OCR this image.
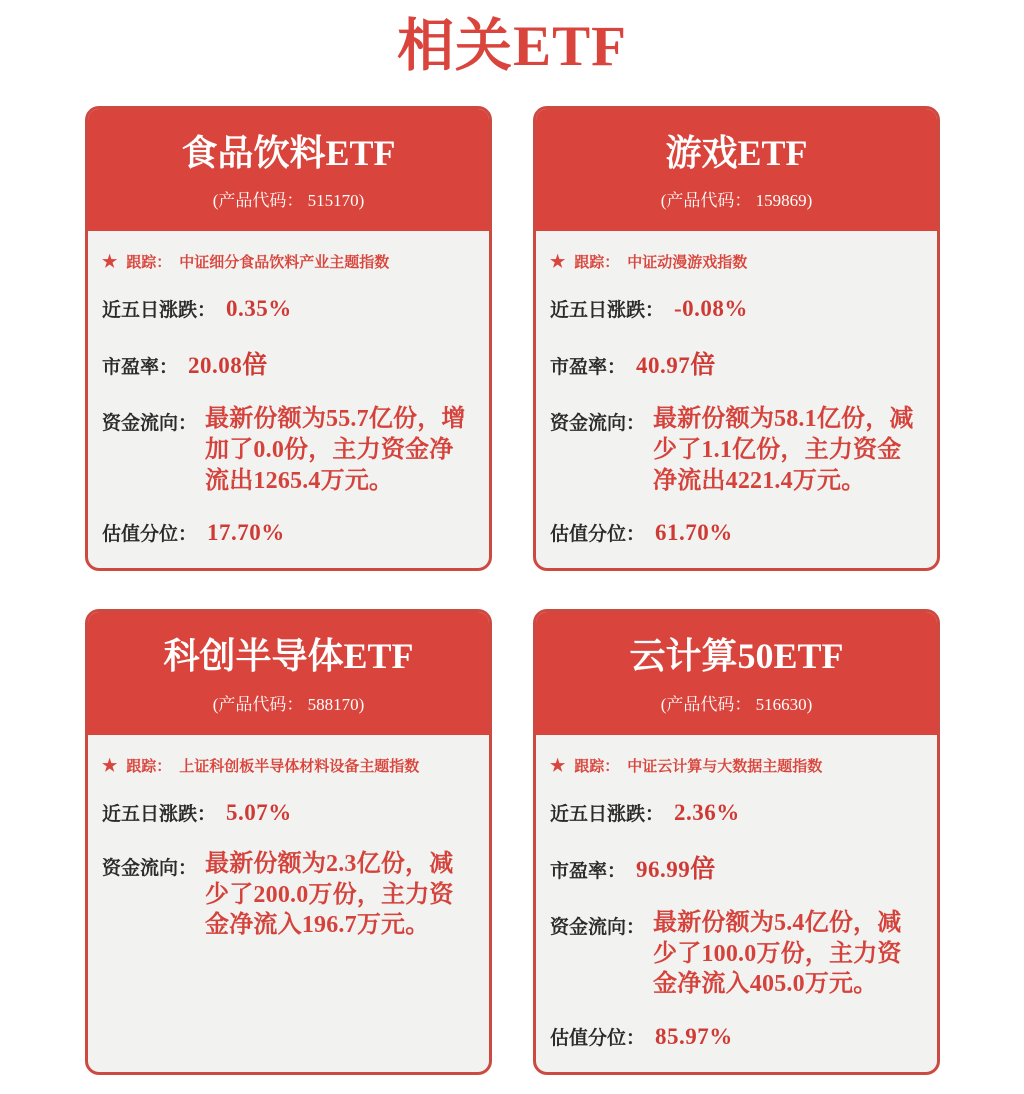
相关ETF
食品饮料ETF
(产品代码： 515170)
★ 跟踪： 中证细分食品饮料产业主题指数
近五日涨跌： 0.35%
市盈率： 20.08倍
资金流向： 最新份额为55.7亿份，增加了0.0份，主力资金净流出1265.4万元。
估值分位： 17.70%
游戏ETF
(产品代码： 159869)
★ 跟踪： 中证动漫游戏指数
近五日涨跌： -0.08%
市盈率： 40.97倍
资金流向： 最新份额为58.1亿份，减少了1.1亿份，主力资金净流出4221.4万元。
估值分位： 61.70%
科创半导体ETF
(产品代码： 588170)
★ 跟踪： 上证科创板半导体材料设备主题指数
近五日涨跌： 5.07%
资金流向： 最新份额为2.3亿份，减少了200.0万份，主力资金净流入196.7万元。
云计算50ETF
(产品代码： 516630)
★ 跟踪： 中证云计算与大数据主题指数
近五日涨跌： 2.36%
市盈率： 96.99倍
资金流向： 最新份额为5.4亿份，减少了100.0万份，主力资金净流入405.0万元。
估值分位： 85.97%
